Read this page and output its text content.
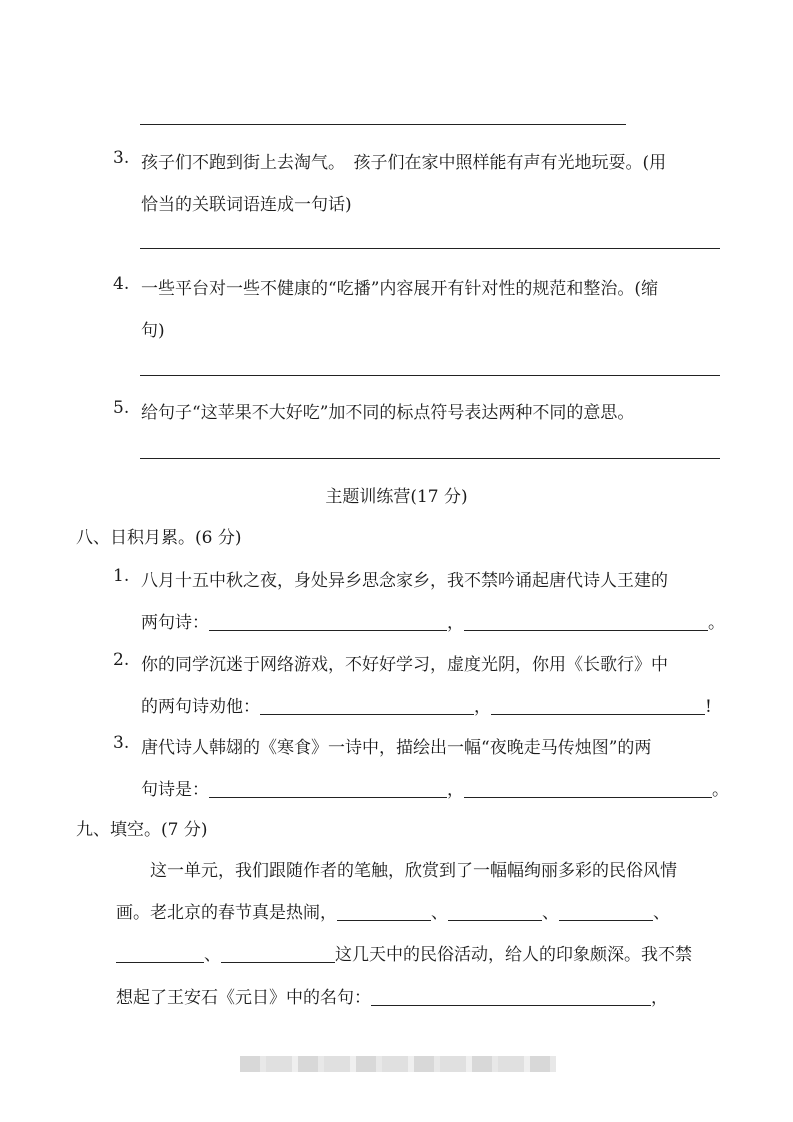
3. 孩子们不跑到街上去淘气。　孩子们在家中照样能有声有光地玩耍。(用
恰当的关联词语连成一句话)
4. 一些平台对一些不健康的“吃播”内容展开有针对性的规范和整治。(缩
句)
5. 给句子“这苹果不大好吃”加不同的标点符号表达两种不同的意思。
主题训练营(17 分)
八、日积月累。(6 分)
1. 八月十五中秋之夜，身处异乡思念家乡，我不禁吟诵起唐代诗人王建的
两句诗：	，	。
2. 你的同学沉迷于网络游戏，不好好学习，虚度光阴，你用《长歌行》中
的两句诗劝他：	，	!
3. 唐代诗人韩翃的《寒食》一诗中，描绘出一幅“夜晚走马传烛图”的两
句诗是：	，	。
九、填空。(7 分)
这一单元，我们跟随作者的笔触，欣赏到了一幅幅绚丽多彩的民俗风情
画。老北京的春节真是热闹，	、	、	、
、	这几天中的民俗活动，给人的印象颇深。我不禁
想起了王安石《元日》中的名句：	，
